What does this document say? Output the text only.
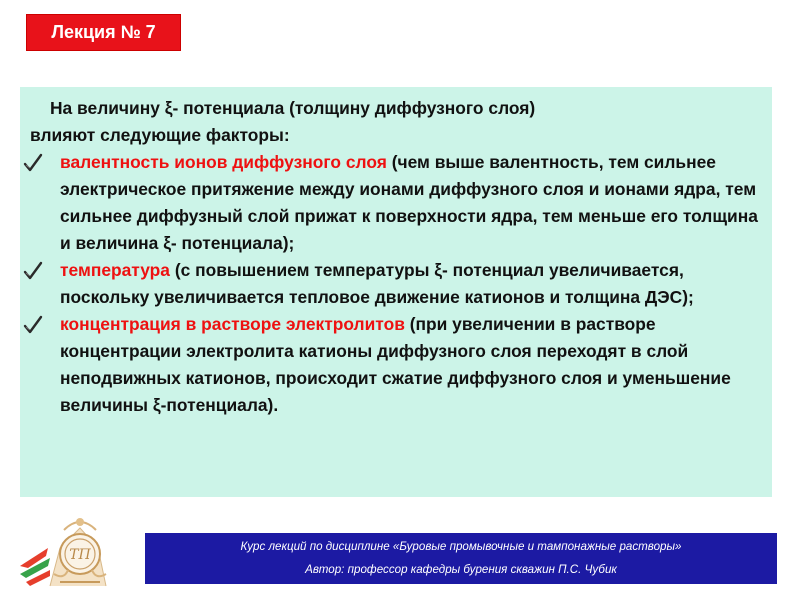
Лекция № 7

На величину ξ- потенциала (толщину диффузного слоя)
влияют следующие факторы:

валентность ионов диффузного слоя (чем выше валентность, тем сильнее электрическое притяжение между ионами диффузного слоя и ионами ядра, тем сильнее диффузный слой прижат к поверхности ядра, тем меньше его толщина и величина ξ- потенциала);

температура (с повышением температуры ξ- потенциал увеличивается, поскольку увеличивается тепловое движение катионов и толщина ДЭС);

концентрация в растворе электролитов (при увеличении в растворе концентрации электролита катионы диффузного слоя переходят в слой неподвижных катионов, происходит сжатие диффузного слоя и уменьшение величины ξ-потенциала).

ТП
Курс лекций по дисциплине «Буровые промывочные и тампонажные растворы»
Автор: профессор кафедры бурения скважин П.С. Чубик
